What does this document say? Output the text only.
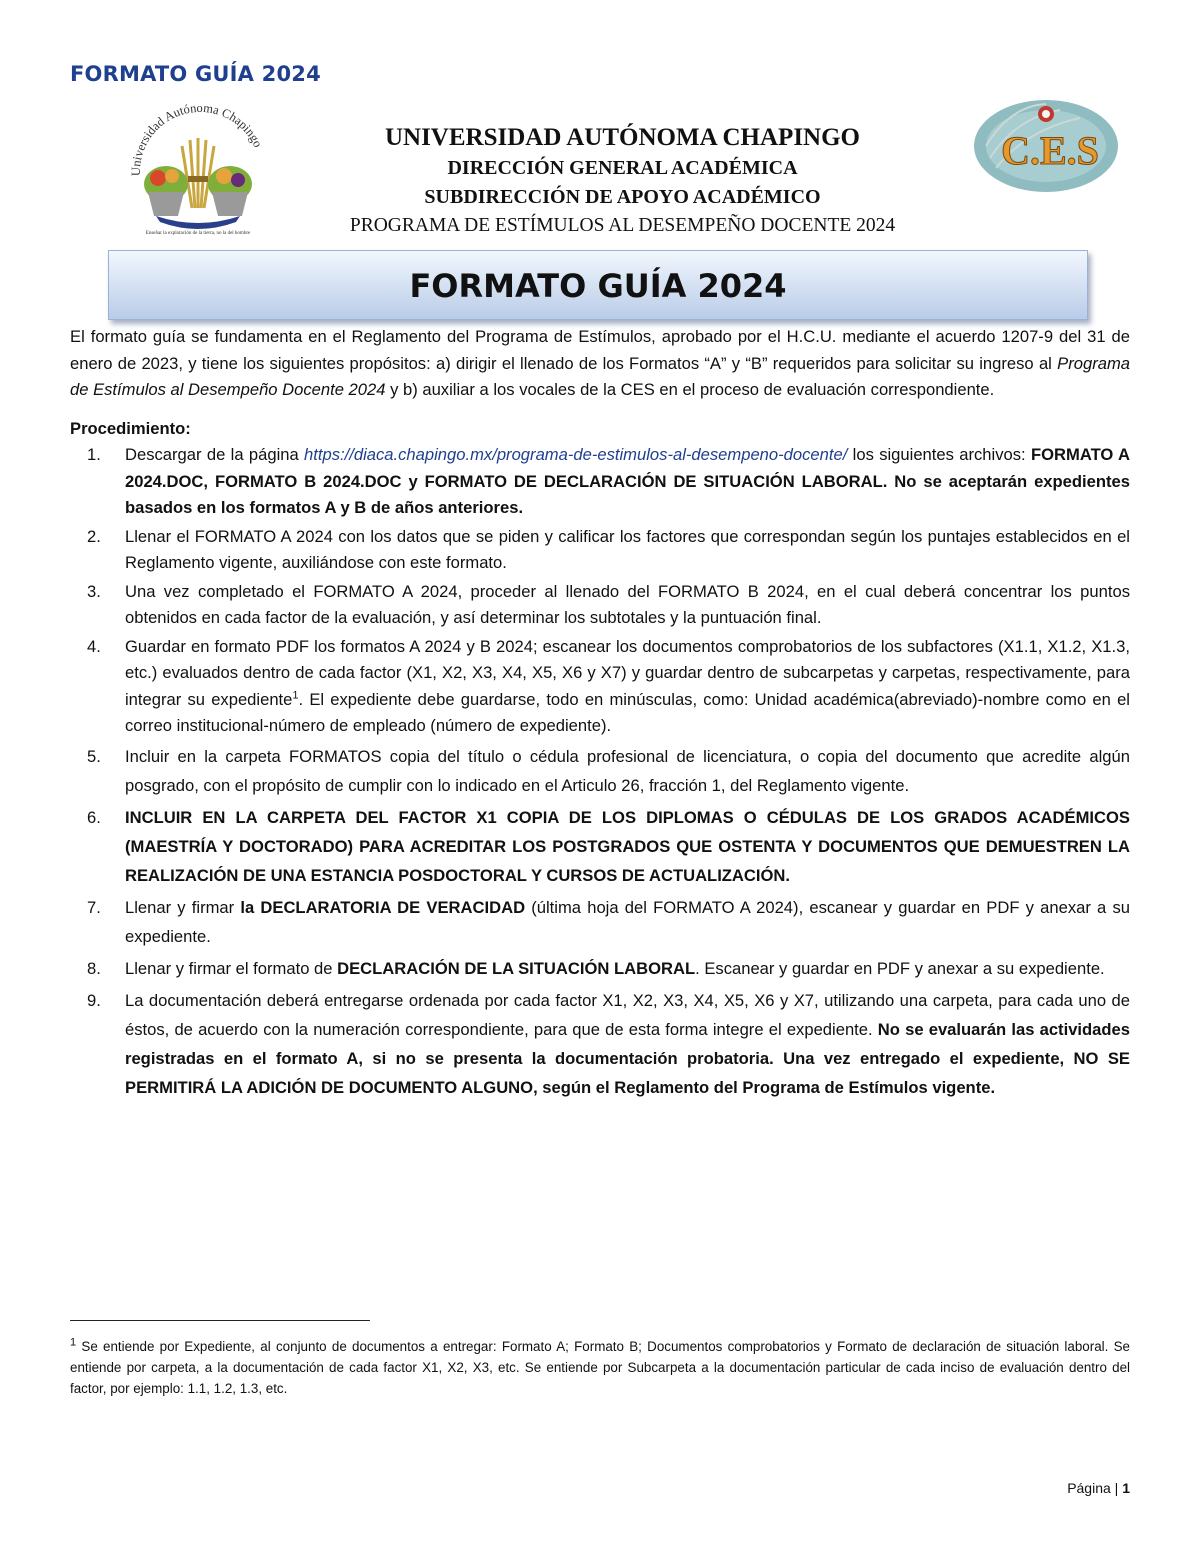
FORMATO GUÍA 2024
Universidad Autónoma Chapingo
Enseñar la explotación de la tierra, no la del hombre
C.E.S
UNIVERSIDAD AUTÓNOMA CHAPINGO
DIRECCIÓN GENERAL ACADÉMICA
SUBDIRECCIÓN DE APOYO ACADÉMICO
PROGRAMA DE ESTÍMULOS AL DESEMPEÑO DOCENTE 2024
FORMATO GUÍA 2024

El formato guía se fundamenta en el Reglamento del Programa de Estímulos, aprobado por el H.C.U. mediante el acuerdo 1207-9 del 31 de enero de 2023, y tiene los siguientes propósitos: a) dirigir el llenado de los Formatos “A” y “B” requeridos para solicitar su ingreso al Programa de Estímulos al Desempeño Docente 2024 y b) auxiliar a los vocales de la CES en el proceso de evaluación correspondiente.

Procedimiento:

1. Descargar de la página https://diaca.chapingo.mx/programa-de-estimulos-al-desempeno-docente/ los siguientes archivos: FORMATO A 2024.DOC, FORMATO B 2024.DOC y FORMATO DE DECLARACIÓN DE SITUACIÓN LABORAL. No se aceptarán expedientes basados en los formatos A y B de años anteriores.
2. Llenar el FORMATO A 2024 con los datos que se piden y calificar los factores que correspondan según los puntajes establecidos en el Reglamento vigente, auxiliándose con este formato.
3. Una vez completado el FORMATO A 2024, proceder al llenado del FORMATO B 2024, en el cual deberá concentrar los puntos obtenidos en cada factor de la evaluación, y así determinar los subtotales y la puntuación final.
4. Guardar en formato PDF los formatos A 2024 y B 2024; escanear los documentos comprobatorios de los subfactores (X1.1, X1.2, X1.3, etc.) evaluados dentro de cada factor (X1, X2, X3, X4, X5, X6 y X7) y guardar dentro de subcarpetas y carpetas, respectivamente, para integrar su expediente$^1$. El expediente debe guardarse, todo en minúsculas, como: Unidad académica(abreviado)-nombre como en el correo institucional-número de empleado (número de expediente).
5. Incluir en la carpeta FORMATOS copia del título o cédula profesional de licenciatura, o copia del documento que acredite algún posgrado, con el propósito de cumplir con lo indicado en el Articulo 26, fracción 1, del Reglamento vigente.
6. INCLUIR EN LA CARPETA DEL FACTOR X1 COPIA DE LOS DIPLOMAS O CÉDULAS DE LOS GRADOS ACADÉMICOS (MAESTRÍA Y DOCTORADO) PARA ACREDITAR LOS POSTGRADOS QUE OSTENTA Y DOCUMENTOS QUE DEMUESTREN LA REALIZACIÓN DE UNA ESTANCIA POSDOCTORAL Y CURSOS DE ACTUALIZACIÓN.
7. Llenar y firmar la DECLARATORIA DE VERACIDAD (última hoja del FORMATO A 2024), escanear y guardar en PDF y anexar a su expediente.
8. Llenar y firmar el formato de DECLARACIÓN DE LA SITUACIÓN LABORAL. Escanear y guardar en PDF y anexar a su expediente.
9. La documentación deberá entregarse ordenada por cada factor X1, X2, X3, X4, X5, X6 y X7, utilizando una carpeta, para cada uno de éstos, de acuerdo con la numeración correspondiente, para que de esta forma integre el expediente. No se evaluarán las actividades registradas en el formato A, si no se presenta la documentación probatoria. Una vez entregado el expediente, NO SE PERMITIRÁ LA ADICIÓN DE DOCUMENTO ALGUNO, según el Reglamento del Programa de Estímulos vigente.
$^1$ Se entiende por Expediente, al conjunto de documentos a entregar: Formato A; Formato B; Documentos comprobatorios y Formato de declaración de situación laboral. Se entiende por carpeta, a la documentación de cada factor X1, X2, X3, etc. Se entiende por Subcarpeta a la documentación particular de cada inciso de evaluación dentro del factor, por ejemplo: 1.1, 1.2, 1.3, etc.
Página | 1
